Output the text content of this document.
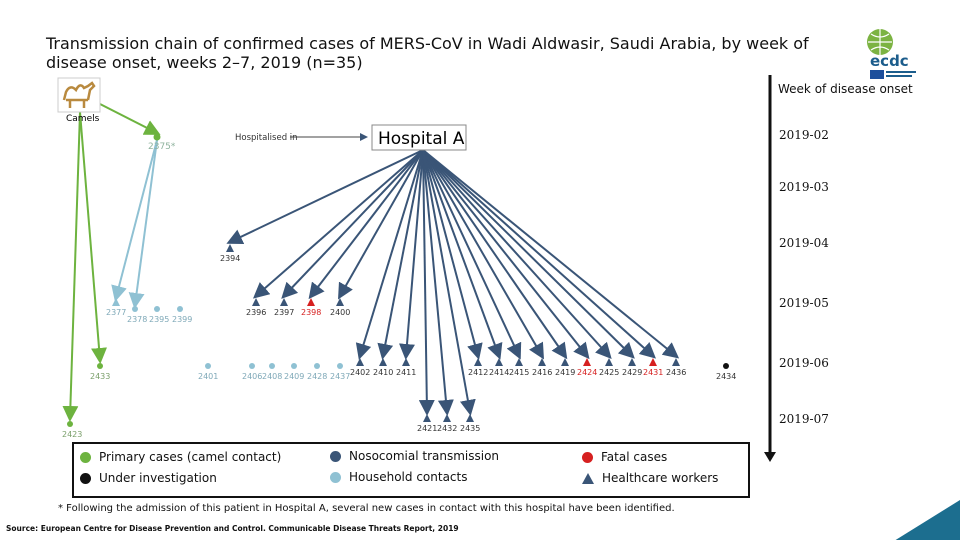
Transmission chain of confirmed cases of MERS-CoV in Wadi Aldwasir, Saudi Arabia, by week of disease onset, weeks 2–7, 2019 (n=35)	ecdc
Week of disease onset
2394
2377
2378 2395 2399
2396 2397 2398 2400
2433	2401	2406 2408 2409 2428 2437 2402 2410 2411	2412 2414 2415 2416 2419 2424 2425 2429 2431 2436	2434
2423
2421 2432 2435
Camels
Hospital A
Hospitalised in
2375*
2019-02
2019-03
2019-04
2019-05
2019-06
2019-07
Primary cases (camel contact)
Under investigation
Nosocomial transmission
Household contacts
Fatal cases
Healthcare workers
* Following the admission of this patient in Hospital A, several new cases in contact with this hospital have been identified.
Source: European Centre for Disease Prevention and Control. Communicable Disease Threats Report, 2019	6
